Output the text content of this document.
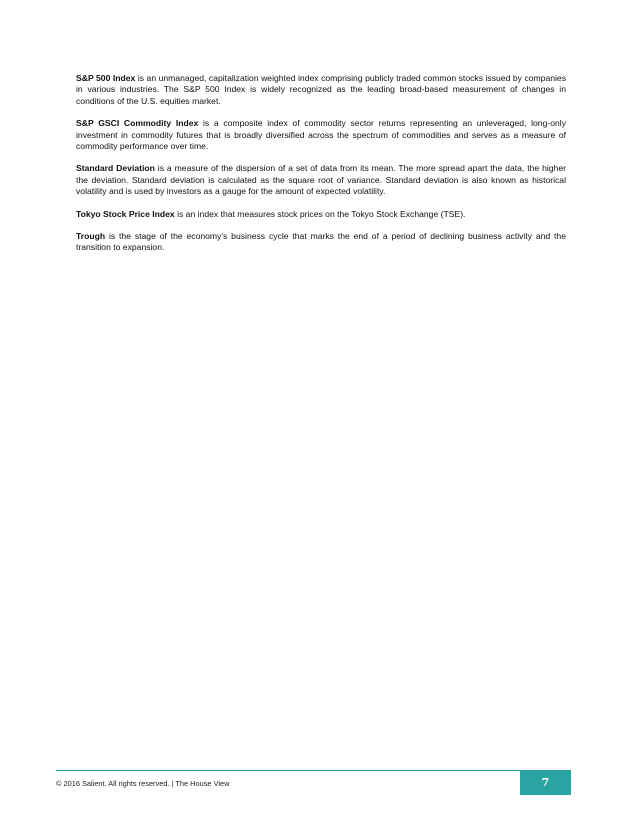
S&P 500 Index is an unmanaged, capitalization weighted index comprising publicly traded common stocks issued by companies in various industries. The S&P 500 Index is widely recognized as the leading broad-based measurement of changes in conditions of the U.S. equities market.

S&P GSCI Commodity Index is a composite index of commodity sector returns representing an unleveraged, long-only investment in commodity futures that is broadly diversified across the spectrum of commodities and serves as a measure of commodity performance over time.

Standard Deviation is a measure of the dispersion of a set of data from its mean. The more spread apart the data, the higher the deviation. Standard deviation is calculated as the square root of variance. Standard deviation is also known as historical volatility and is used by investors as a gauge for the amount of expected volatility.

Tokyo Stock Price Index is an index that measures stock prices on the Tokyo Stock Exchange (TSE).

Trough is the stage of the economy's business cycle that marks the end of a period of declining business activity and the transition to expansion.

© 2016 Salient. All rights reserved. | The House View	7
